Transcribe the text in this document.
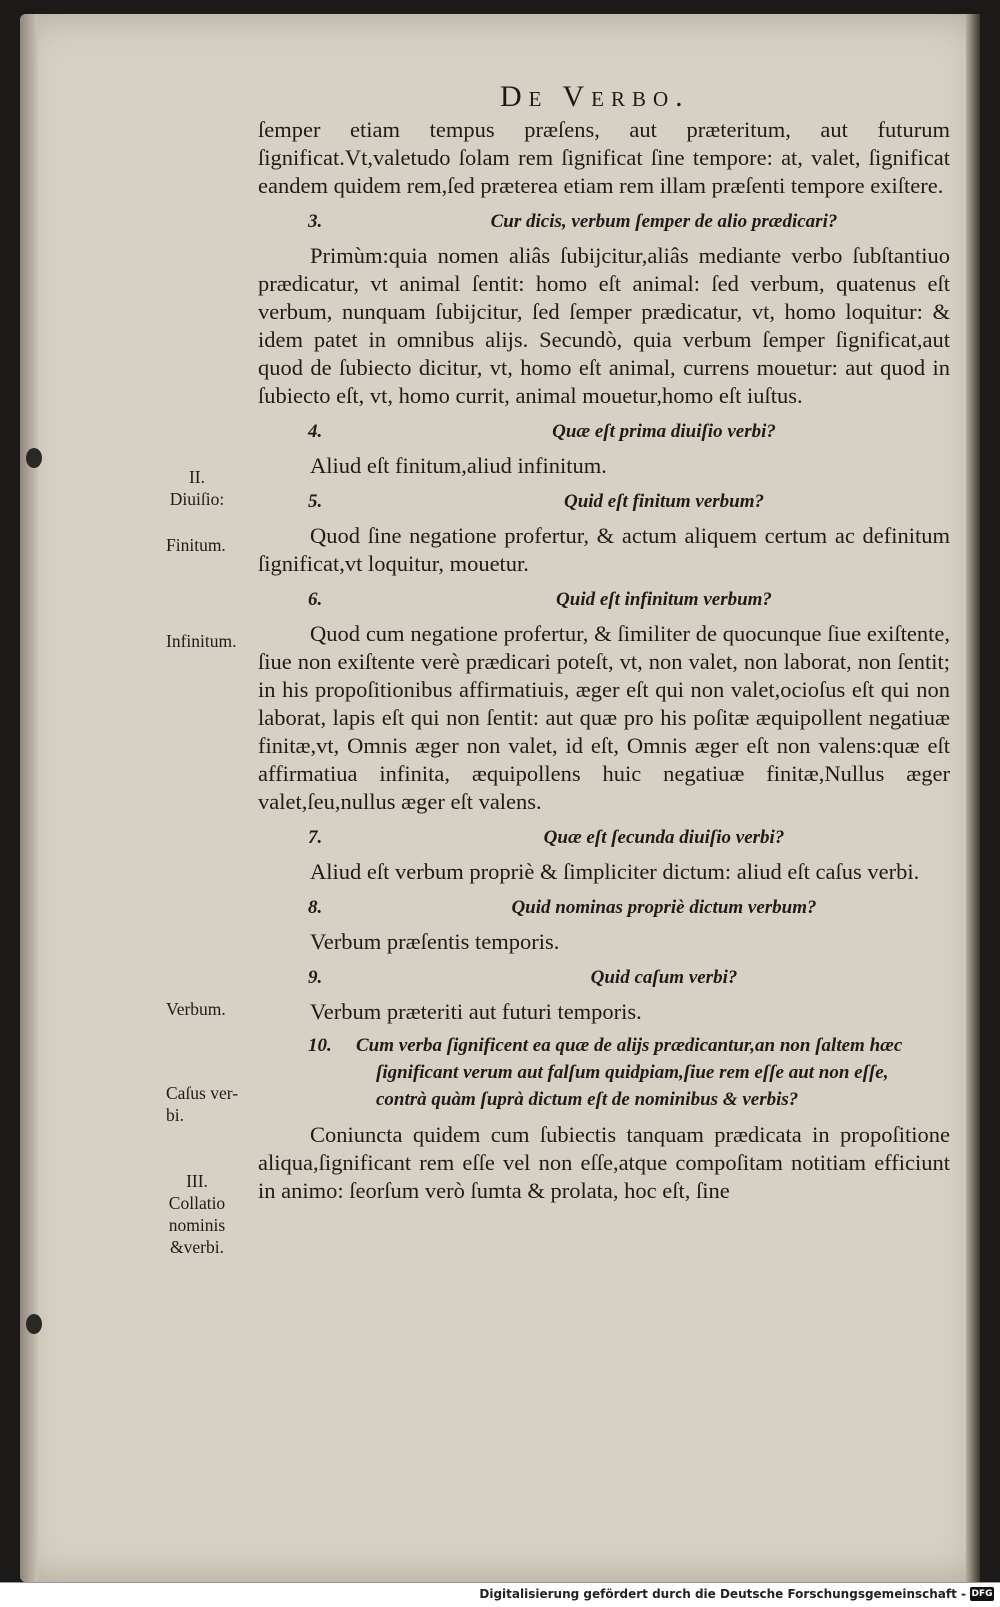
De Verbo.
II.
Diuiſio:
Finitum.
Infinitum.
Verbum.
Caſus ver-
bi.
III.
Collatio
nominis
&verbi.

ſemper etiam tempus præſens, aut præteritum, aut futurum ſignificat.Vt,valetudo ſolam rem ſignificat ſine tempore: at, valet, ſignificat eandem quidem rem,ſed præterea etiam rem illam præſenti tempore exiſtere.

3.	Cur dicis, verbum ſemper de alio prædicari?

Primùm:quia nomen aliâs ſubijcitur,aliâs mediante verbo ſubſtantiuo prædicatur, vt animal ſentit: homo eſt animal: ſed verbum, quatenus eſt verbum, nunquam ſubijcitur, ſed ſemper prædicatur, vt, homo loquitur: & idem patet in omnibus alijs. Secundò, quia verbum ſemper ſignificat,aut quod de ſubiecto dicitur, vt, homo eſt animal, currens mouetur: aut quod in ſubiecto eſt, vt, homo currit, animal mouetur,homo eſt iuſtus.

4.	Quæ eſt prima diuiſio verbi?

Aliud eſt finitum,aliud infinitum.

5.	Quid eſt finitum verbum?

Quod ſine negatione profertur, & actum aliquem certum ac definitum ſignificat,vt loquitur, mouetur.

6.	Quid eſt infinitum verbum?

Quod cum negatione profertur, & ſimiliter de quocunque ſiue exiſtente, ſiue non exiſtente verè prædicari poteſt, vt, non valet, non laborat, non ſentit; in his propoſitionibus affirmatiuis, æger eſt qui non valet,ocioſus eſt qui non laborat, lapis eſt qui non ſentit: aut quæ pro his poſitæ æquipollent negatiuæ finitæ,vt, Omnis æger non valet, id eſt, Omnis æger eſt non valens:quæ eſt affirmatiua infinita, æquipollens huic negatiuæ finitæ,Nullus æger valet,ſeu,nullus æger eſt valens.

7.	Quæ eſt ſecunda diuiſio verbi?

Aliud eſt verbum propriè & ſimpliciter dictum: aliud eſt caſus verbi.

8.	Quid nominas propriè dictum verbum?

Verbum præſentis temporis.

9.	Quid caſum verbi?

Verbum præteriti aut futuri temporis.

10. Cum verba ſignificent ea quæ de alijs prædicantur,an non ſaltem hæc
ſignificant verum aut falſum quidpiam,ſiue rem eſſe aut non eſſe,
contrà quàm ſuprà dictum eſt de nominibus & verbis?

Coniuncta quidem cum ſubiectis tanquam prædicata in propoſitione aliqua,ſignificant rem eſſe vel non eſſe,atque compoſitam notitiam efficiunt in animo: ſeorſum verò ſumta & prolata, hoc eſt, ſine

Digitalisierung gefördert durch die Deutsche Forschungsgemeinschaft - DFG
